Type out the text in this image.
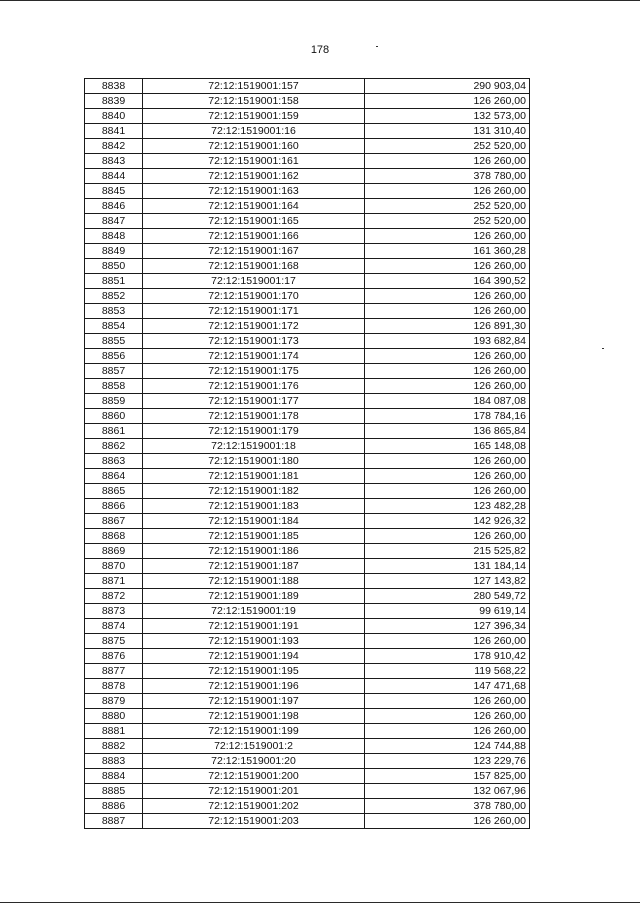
178
8838	72:12:1519001:157	290 903,04
8839	72:12:1519001:158	126 260,00
8840	72:12:1519001:159	132 573,00
8841	72:12:1519001:16	131 310,40
8842	72:12:1519001:160	252 520,00
8843	72:12:1519001:161	126 260,00
8844	72:12:1519001:162	378 780,00
8845	72:12:1519001:163	126 260,00
8846	72:12:1519001:164	252 520,00
8847	72:12:1519001:165	252 520,00
8848	72:12:1519001:166	126 260,00
8849	72:12:1519001:167	161 360,28
8850	72:12:1519001:168	126 260,00
8851	72:12:1519001:17	164 390,52
8852	72:12:1519001:170	126 260,00
8853	72:12:1519001:171	126 260,00
8854	72:12:1519001:172	126 891,30
8855	72:12:1519001:173	193 682,84
8856	72:12:1519001:174	126 260,00
8857	72:12:1519001:175	126 260,00
8858	72:12:1519001:176	126 260,00
8859	72:12:1519001:177	184 087,08
8860	72:12:1519001:178	178 784,16
8861	72:12:1519001:179	136 865,84
8862	72:12:1519001:18	165 148,08
8863	72:12:1519001:180	126 260,00
8864	72:12:1519001:181	126 260,00
8865	72:12:1519001:182	126 260,00
8866	72:12:1519001:183	123 482,28
8867	72:12:1519001:184	142 926,32
8868	72:12:1519001:185	126 260,00
8869	72:12:1519001:186	215 525,82
8870	72:12:1519001:187	131 184,14
8871	72:12:1519001:188	127 143,82
8872	72:12:1519001:189	280 549,72
8873	72:12:1519001:19	99 619,14
8874	72:12:1519001:191	127 396,34
8875	72:12:1519001:193	126 260,00
8876	72:12:1519001:194	178 910,42
8877	72:12:1519001:195	119 568,22
8878	72:12:1519001:196	147 471,68
8879	72:12:1519001:197	126 260,00
8880	72:12:1519001:198	126 260,00
8881	72:12:1519001:199	126 260,00
8882	72:12:1519001:2	124 744,88
8883	72:12:1519001:20	123 229,76
8884	72:12:1519001:200	157 825,00
8885	72:12:1519001:201	132 067,96
8886	72:12:1519001:202	378 780,00
8887	72:12:1519001:203	126 260,00
